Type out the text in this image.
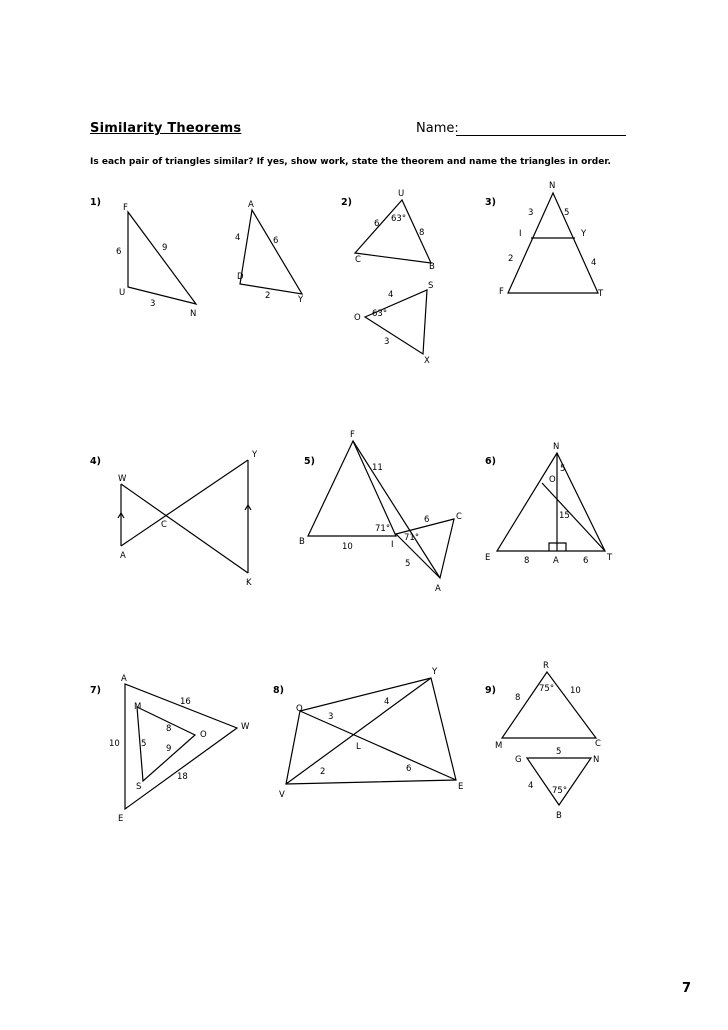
Similarity Theorems	Name:
Is each pair of triangles similar? If yes, show work, state the theorem and name the triangles in order.
1)	F
U
N
6	9
3
A
D
Y
4	6
2
2)
U
6 63°
8
C
B
S
4
O 63°
3
X
3)
N
3	5
I	Y
2	4
F	T
4)
W
Y
C
A
K
5)
F
11
71°
6	C
B	10	I
71°
5
A
6)
N
5
O
15
E	8	A	6 T
7)
A
16
M
8	W
O
10 5 9
S
18
E
8)
Y
O
3
4
L
2	6
V
E
9)
R
8
75° 10
M	C
G
5
N
4 75°
B
7
